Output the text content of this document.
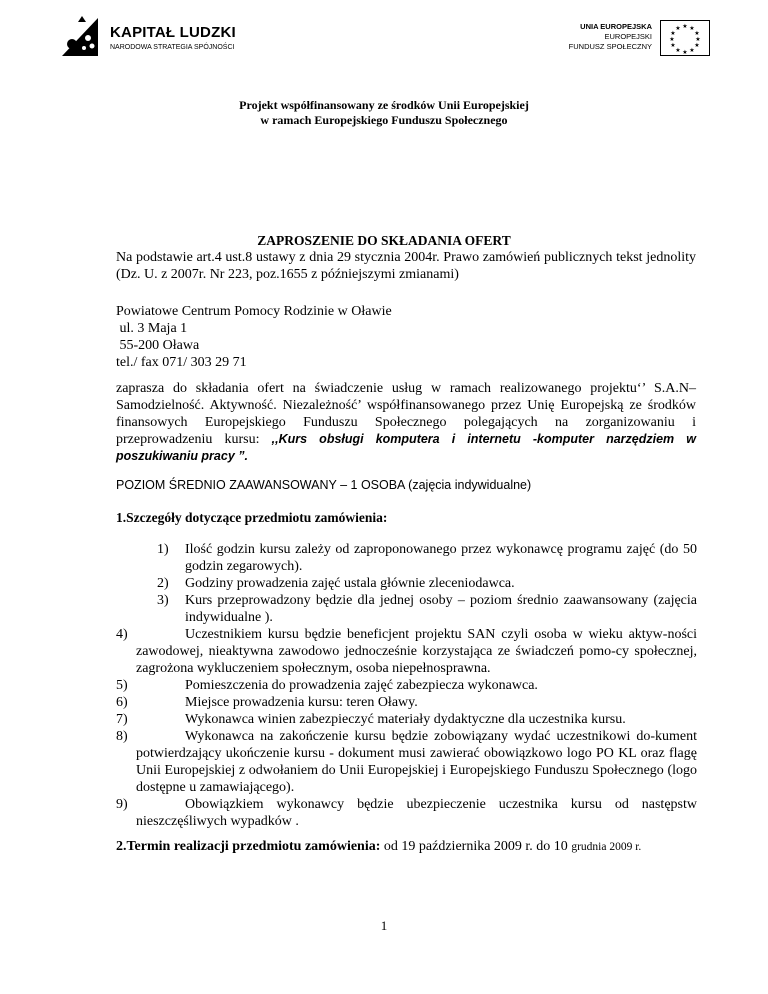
KAPITAŁ LUDZKI
NARODOWA STRATEGIA SPÓJNOŚCI
UNIA EUROPEJSKA
EUROPEJSKI
FUNDUSZ SPOŁECZNY
★ ★
★
★
★
★
★
★
★
★
★
★
Projekt współfinansowany ze środków Unii Europejskiej
w ramach Europejskiego Funduszu Społecznego
ZAPROSZENIE DO SKŁADANIA OFERT
Na podstawie art.4 ust.8 ustawy z dnia 29 stycznia 2004r. Prawo zamówień publicznych tekst jednolity (Dz. U. z 2007r. Nr 223, poz.1655 z późniejszymi zmianami)
Powiatowe Centrum Pomocy Rodzinie w Oławie
ul. 3 Maja 1
55-200 Oława
tel./ fax 071/ 303 29 71
zaprasza do składania ofert na świadczenie usług w ramach realizowanego projektu‘’ S.A.N– Samodzielność. Aktywność. Niezależność’ współfinansowanego przez Unię Europejską ze środków finansowych Europejskiego Funduszu Społecznego polegających na zorganizowaniu i przeprowadzeniu kursu: ,,Kurs obsługi komputera i internetu -komputer narzędziem w poszukiwaniu pracy ”.
POZIOM ŚREDNIO ZAAWANSOWANY – 1 OSOBA (zajęcia indywidualne)
1.Szczegóły dotyczące przedmiotu zamówienia:
1) Ilość godzin kursu zależy od zaproponowanego przez wykonawcę programu zajęć (do 50 godzin zegarowych).
2) Godziny prowadzenia zajęć ustala głównie zleceniodawca.
3) Kurs przeprowadzony będzie dla jednej osoby – poziom średnio zaawansowany (zajęcia indywidualne ).
4)	Uczestnikiem kursu będzie beneficjent projektu SAN czyli osoba w wieku aktyw-ności zawodowej, nieaktywna zawodowo jednocześnie korzystająca ze świadczeń pomo-cy społecznej, zagrożona wykluczeniem społecznym, osoba niepełnosprawna.
5)	Pomieszczenia do prowadzenia zajęć zabezpiecza wykonawca.
6)	Miejsce prowadzenia kursu: teren Oławy.
7)	Wykonawca winien zabezpieczyć materiały dydaktyczne dla uczestnika kursu.
8)	Wykonawca na zakończenie kursu będzie zobowiązany wydać uczestnikowi do-kument potwierdzający ukończenie kursu - dokument musi zawierać obowiązkowo logo PO KL oraz flagę Unii Europejskiej z odwołaniem do Unii Europejskiej i Europejskiego Funduszu Społecznego (logo dostępne u zamawiającego).
9)	Obowiązkiem wykonawcy będzie ubezpieczenie uczestnika kursu od następstw nieszczęśliwych wypadków .
2.Termin realizacji przedmiotu zamówienia: od 19 października 2009 r. do 10 grudnia 2009 r.
1
